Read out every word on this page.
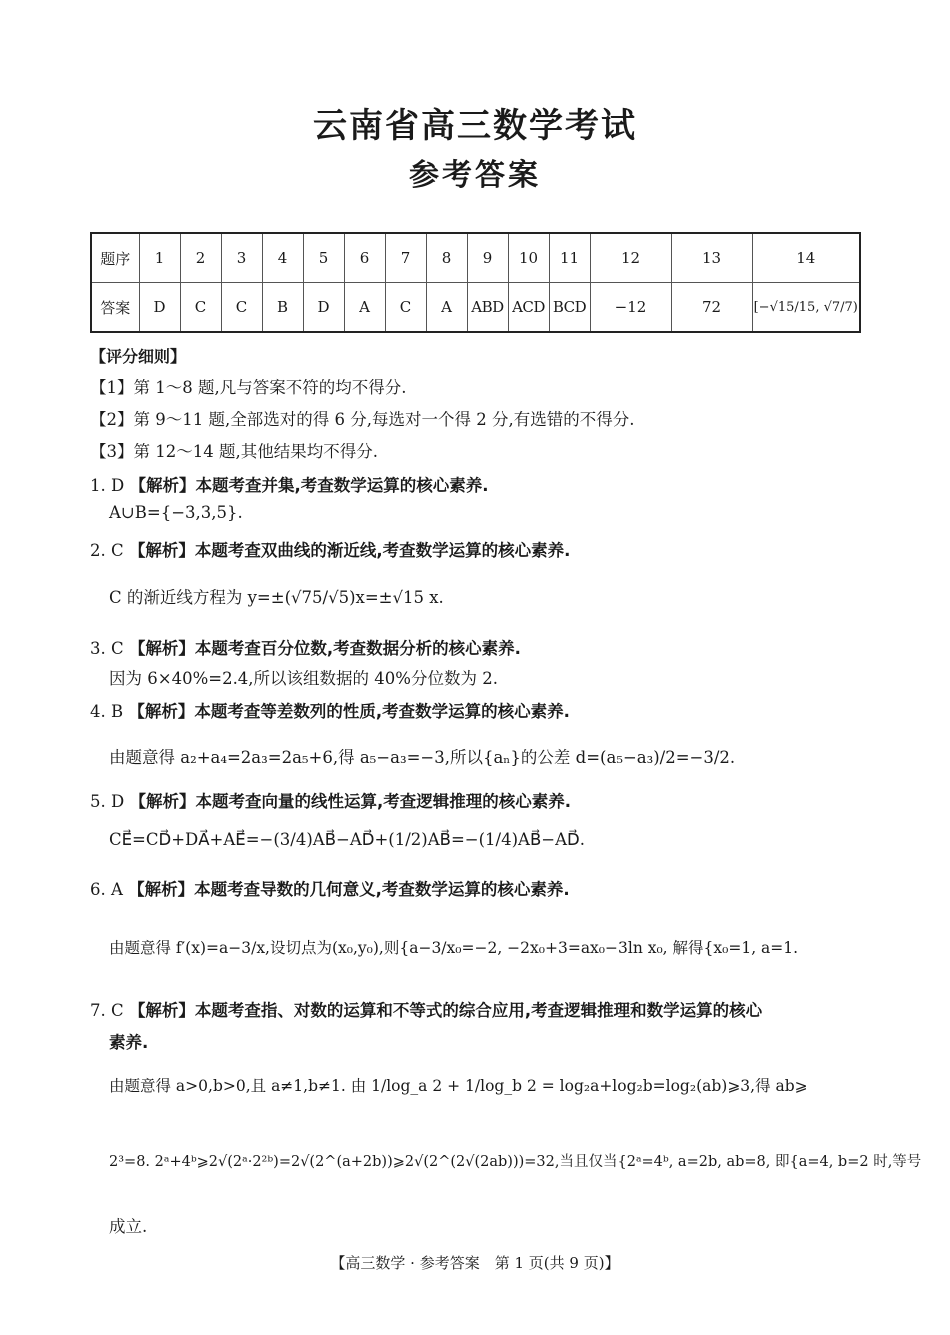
云南省高三数学考试
参考答案
题序	1	2	3	4	5	6	7	8	9	10	11	12	13	14
答案	D	C	C	B	D	A	C	A	ABD	ACD	BCD	−12	72	[−√15/15, √7/7)
【评分细则】
【1】第 1～8 题,凡与答案不符的均不得分.
【2】第 9～11 题,全部选对的得 6 分,每选对一个得 2 分,有选错的不得分.
【3】第 12～14 题,其他结果均不得分.
1. D 【解析】本题考查并集,考查数学运算的核心素养.
A∪B={−3,3,5}.
2. C 【解析】本题考查双曲线的渐近线,考查数学运算的核心素养.
C 的渐近线方程为 y=±(√75/√5)x=±√15 x.
3. C 【解析】本题考查百分位数,考查数据分析的核心素养.
因为 6×40%=2.4,所以该组数据的 40%分位数为 2.
4. B 【解析】本题考查等差数列的性质,考查数学运算的核心素养.
由题意得 a₂+a₄=2a₃=2a₅+6,得 a₅−a₃=−3,所以{aₙ}的公差 d=(a₅−a₃)/2=−3/2.
5. D 【解析】本题考查向量的线性运算,考查逻辑推理的核心素养.
CE⃗=CD⃗+DA⃗+AE⃗=−(3/4)AB⃗−AD⃗+(1/2)AB⃗=−(1/4)AB⃗−AD⃗.
6. A 【解析】本题考查导数的几何意义,考查数学运算的核心素养.
由题意得 f′(x)=a−3/x,设切点为(x₀,y₀),则{a−3/x₀=−2, −2x₀+3=ax₀−3ln x₀, 解得{x₀=1, a=1.
7. C 【解析】本题考查指、对数的运算和不等式的综合应用,考查逻辑推理和数学运算的核心
素养.
由题意得 a>0,b>0,且 a≠1,b≠1. 由 1/log_a 2 + 1/log_b 2 = log₂a+log₂b=log₂(ab)⩾3,得 ab⩾
2³=8. 2ᵃ+4ᵇ⩾2√(2ᵃ·2²ᵇ)=2√(2^(a+2b))⩾2√(2^(2√(2ab)))=32,当且仅当{2ᵃ=4ᵇ, a=2b, ab=8, 即{a=4, b=2 时,等号
成立.
【高三数学 · 参考答案　第 1 页(共 9 页)】
